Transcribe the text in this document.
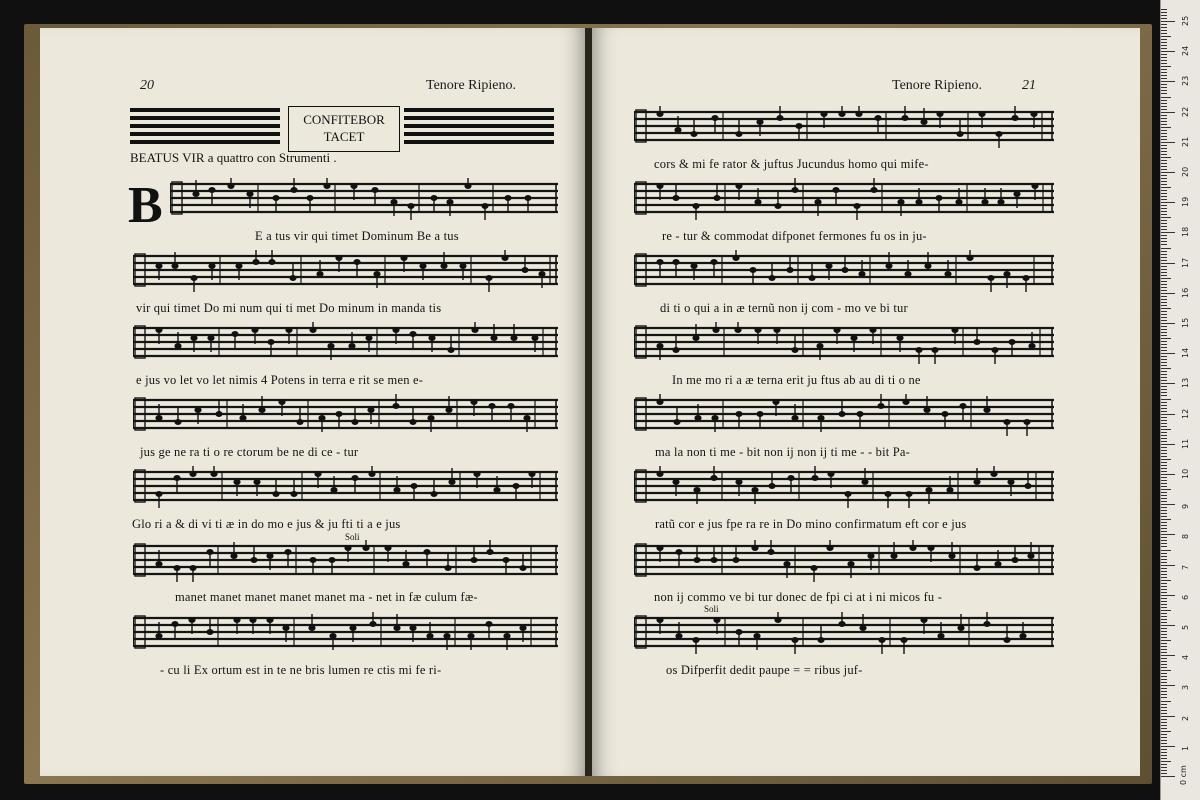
20	Tenore Ripieno.
CONFITEBOR
TACET
BEATUS VIR a quattro con Strumenti .
B
E a tus vir qui timet Dominum Be a tus
vir qui timet Do mi num qui ti met Do minum in manda tis
e jus vo let vo let nimis 4 Potens in terra e rit se men e-
jus ge ne ra ti o re ctorum be ne di ce - tur
Glo ri a & di vi ti æ in do mo e jus & ju fti ti a e jus
Soli
manet manet manet manet manet ma - net in fæ culum fæ-
- cu li Ex ortum est in te ne bris lumen re ctis mi fe ri-
Tenore Ripieno.	21
cors & mi fe rator & juftus Jucundus homo qui mife-
re - tur & commodat difponet fermones fu os in ju-
di ti o qui a in æ ternũ non ij com - mo ve bi tur
In me mo ri a æ terna erit ju ftus ab au di ti o ne
ma la non ti me - bit non ij non ij ti me - - bit Pa-
ratũ cor e jus fpe ra re in Do mino confirmatum eft cor e jus
non ij commo ve bi tur donec de fpi ci at i ni micos fu -
Soli
os Difperfit dedit paupe = = ribus juf-
0 cm
1
2
3
4
5
6
7
8
9
10
11
12
13
14
15
16
17
18
19
20
21
22
23
24
25
